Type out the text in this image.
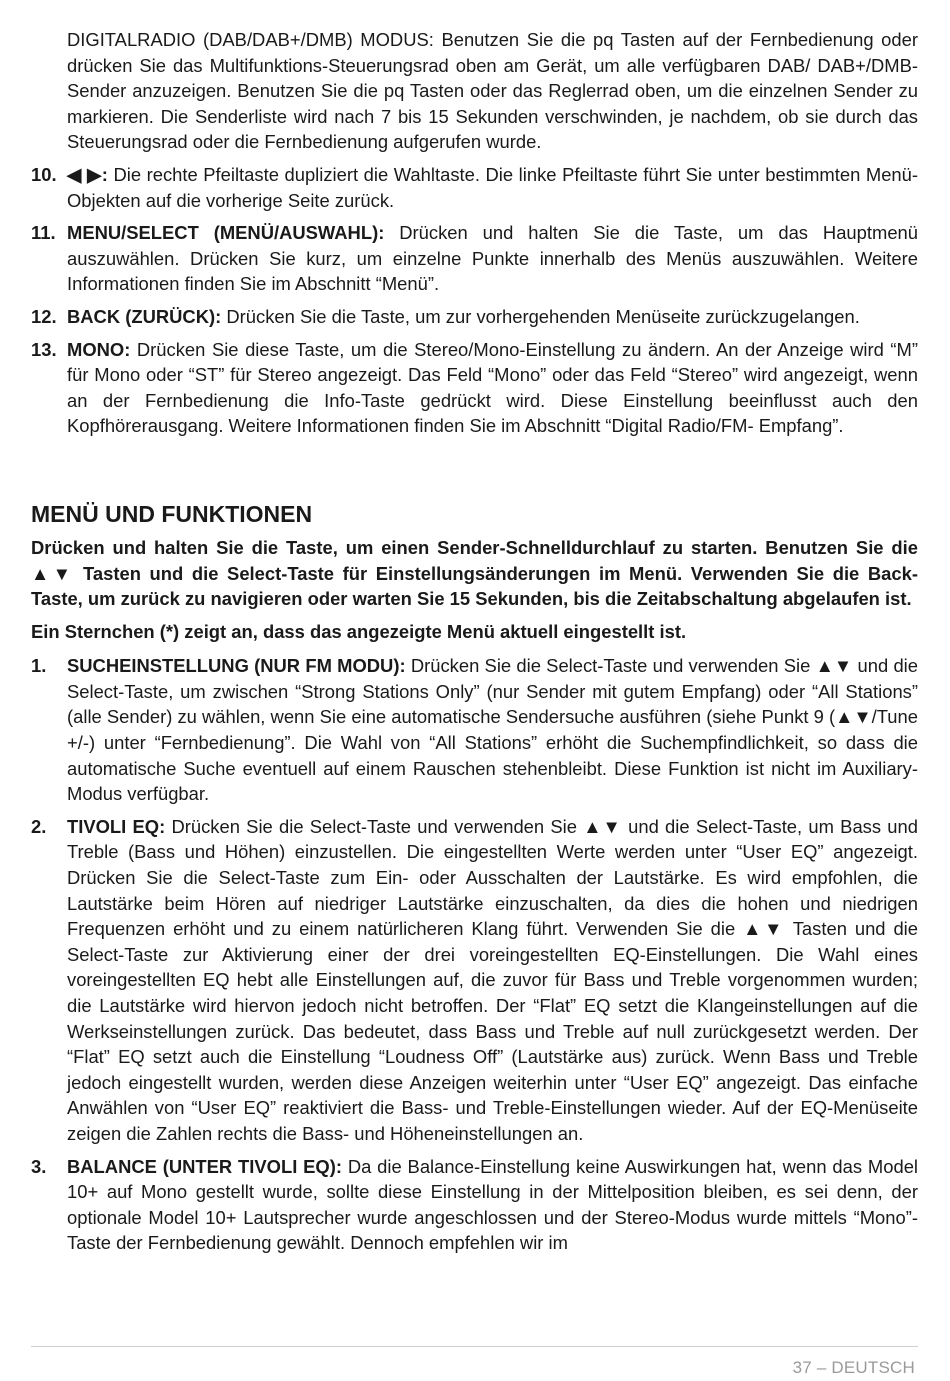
DIGITALRADIO (DAB/DAB+/DMB) MODUS: Benutzen Sie die pq Tasten auf der Fernbedienung oder drücken Sie das Multifunktions-Steuerungsrad oben am Gerät, um alle verfügbaren DAB/ DAB+/DMB-Sender anzuzeigen. Benutzen Sie die pq Tasten oder das Reglerrad oben, um die einzelnen Sender zu markieren. Die Senderliste wird nach 7 bis 15 Sekunden verschwinden, je nachdem, ob sie durch das Steuerungsrad oder die Fernbedienung aufgerufen wurde.

10. ◀ ▶: Die rechte Pfeiltaste dupliziert die Wahltaste. Die linke Pfeiltaste führt Sie unter bestimmten Menü-Objekten auf die vorherige Seite zurück.
11. MENU/SELECT (MENÜ/AUSWAHL): Drücken und halten Sie die Taste, um das Hauptmenü auszuwählen. Drücken Sie kurz, um einzelne Punkte innerhalb des Menüs auszuwählen. Weitere Informationen finden Sie im Abschnitt “Menü”.
12. BACK (ZURÜCK): Drücken Sie die Taste, um zur vorhergehenden Menüseite zurückzugelangen.
13. MONO: Drücken Sie diese Taste, um die Stereo/Mono-Einstellung zu ändern. An der Anzeige wird “M” für Mono oder “ST” für Stereo angezeigt. Das Feld “Mono” oder das Feld “Stereo” wird angezeigt, wenn an der Fernbedienung die Info-Taste gedrückt wird. Diese Einstellung beeinflusst auch den Kopfhörerausgang. Weitere Informationen finden Sie im Abschnitt “Digital Radio/FM- Empfang”.
MENÜ UND FUNKTIONEN

Drücken und halten Sie die Taste, um einen Sender-Schnelldurchlauf zu starten. Benutzen Sie die ▲▼ Tasten und die Select-Taste für Einstellungsänderungen im Menü. Verwenden Sie die Back-Taste, um zurück zu navigieren oder warten Sie 15 Sekunden, bis die Zeitabschaltung abgelaufen ist.

Ein Sternchen (*) zeigt an, dass das angezeigte Menü aktuell eingestellt ist.

1.	SUCHEINSTELLUNG (NUR FM MODU): Drücken Sie die Select-Taste und verwenden Sie ▲▼ und die Select-Taste, um zwischen “Strong Stations Only” (nur Sender mit gutem Empfang) oder “All Stations” (alle Sender) zu wählen, wenn Sie eine automatische Sendersuche ausführen (siehe Punkt 9 (▲▼/Tune +/-) unter “Fernbedienung”. Die Wahl von “All Stations” erhöht die Suchempfindlichkeit, so dass die automatische Suche eventuell auf einem Rauschen stehenbleibt. Diese Funktion ist nicht im Auxiliary-Modus verfügbar.
2.	TIVOLI EQ: Drücken Sie die Select-Taste und verwenden Sie ▲▼ und die Select-Taste, um Bass und Treble (Bass und Höhen) einzustellen. Die eingestellten Werte werden unter “User EQ” angezeigt. Drücken Sie die Select-Taste zum Ein- oder Ausschalten der Lautstärke. Es wird empfohlen, die Lautstärke beim Hören auf niedriger Lautstärke einzuschalten, da dies die hohen und niedrigen Frequenzen erhöht und zu einem natürlicheren Klang führt. Verwenden Sie die ▲▼ Tasten und die Select-Taste zur Aktivierung einer der drei voreingestellten EQ-Einstellungen. Die Wahl eines voreingestellten EQ hebt alle Einstellungen auf, die zuvor für Bass und Treble vorgenommen wurden; die Lautstärke wird hiervon jedoch nicht betroffen. Der “Flat” EQ setzt die Klangeinstellungen auf die Werkseinstellungen zurück. Das bedeutet, dass Bass und Treble auf null zurückgesetzt werden. Der “Flat” EQ setzt auch die Einstellung “Loudness Off” (Lautstärke aus) zurück. Wenn Bass und Treble jedoch eingestellt wurden, werden diese Anzeigen weiterhin unter “User EQ” angezeigt. Das einfache Anwählen von “User EQ” reaktiviert die Bass- und Treble-Einstellungen wieder. Auf der EQ-Menüseite zeigen die Zahlen rechts die Bass- und Höheneinstellungen an.
3.	BALANCE (UNTER TIVOLI EQ): Da die Balance-Einstellung keine Auswirkungen hat, wenn das Model 10+ auf Mono gestellt wurde, sollte diese Einstellung in der Mittelposition bleiben, es sei denn, der optionale Model 10+ Lautsprecher wurde angeschlossen und der Stereo-Modus wurde mittels “Mono”-Taste der Fernbedienung gewählt. Dennoch empfehlen wir im
37 – DEUTSCH
